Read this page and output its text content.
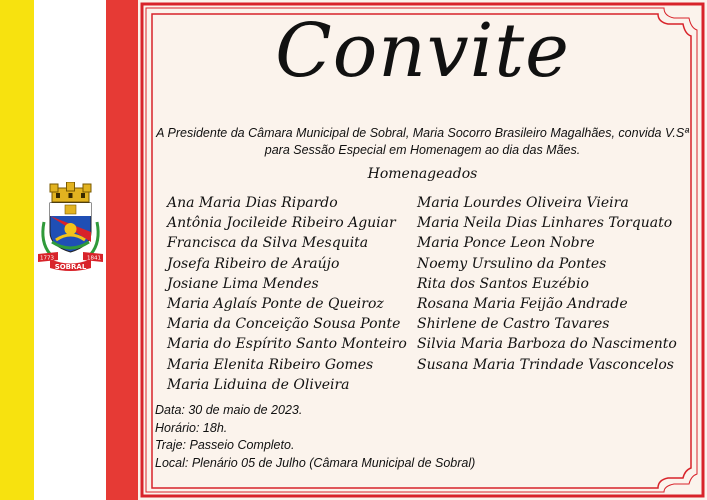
1773	1841
SOBRAL
Convite
A Presidente da Câmara Municipal de Sobral, Maria Socorro Brasileiro Magalhães, convida V.Sª para Sessão Especial em Homenagem ao dia das Mães.
Homenageados
Ana Maria Dias Ripardo
Antônia Jocileide Ribeiro Aguiar
Francisca da Silva Mesquita
Josefa Ribeiro de Araújo
Josiane Lima Mendes
Maria Aglaís Ponte de Queiroz
Maria da Conceição Sousa Ponte
Maria do Espírito Santo Monteiro
Maria Elenita Ribeiro Gomes
Maria Liduina de Oliveira
Maria Lourdes Oliveira Vieira
Maria Neila Dias Linhares Torquato
Maria Ponce Leon Nobre
Noemy Ursulino da Pontes
Rita dos Santos Euzébio
Rosana Maria Feijão Andrade
Shirlene de Castro Tavares
Silvia Maria Barboza do Nascimento
Susana Maria Trindade Vasconcelos
Data: 30 de maio de 2023.
Horário: 18h.
Traje: Passeio Completo.
Local: Plenário 05 de Julho (Câmara Municipal de Sobral)
